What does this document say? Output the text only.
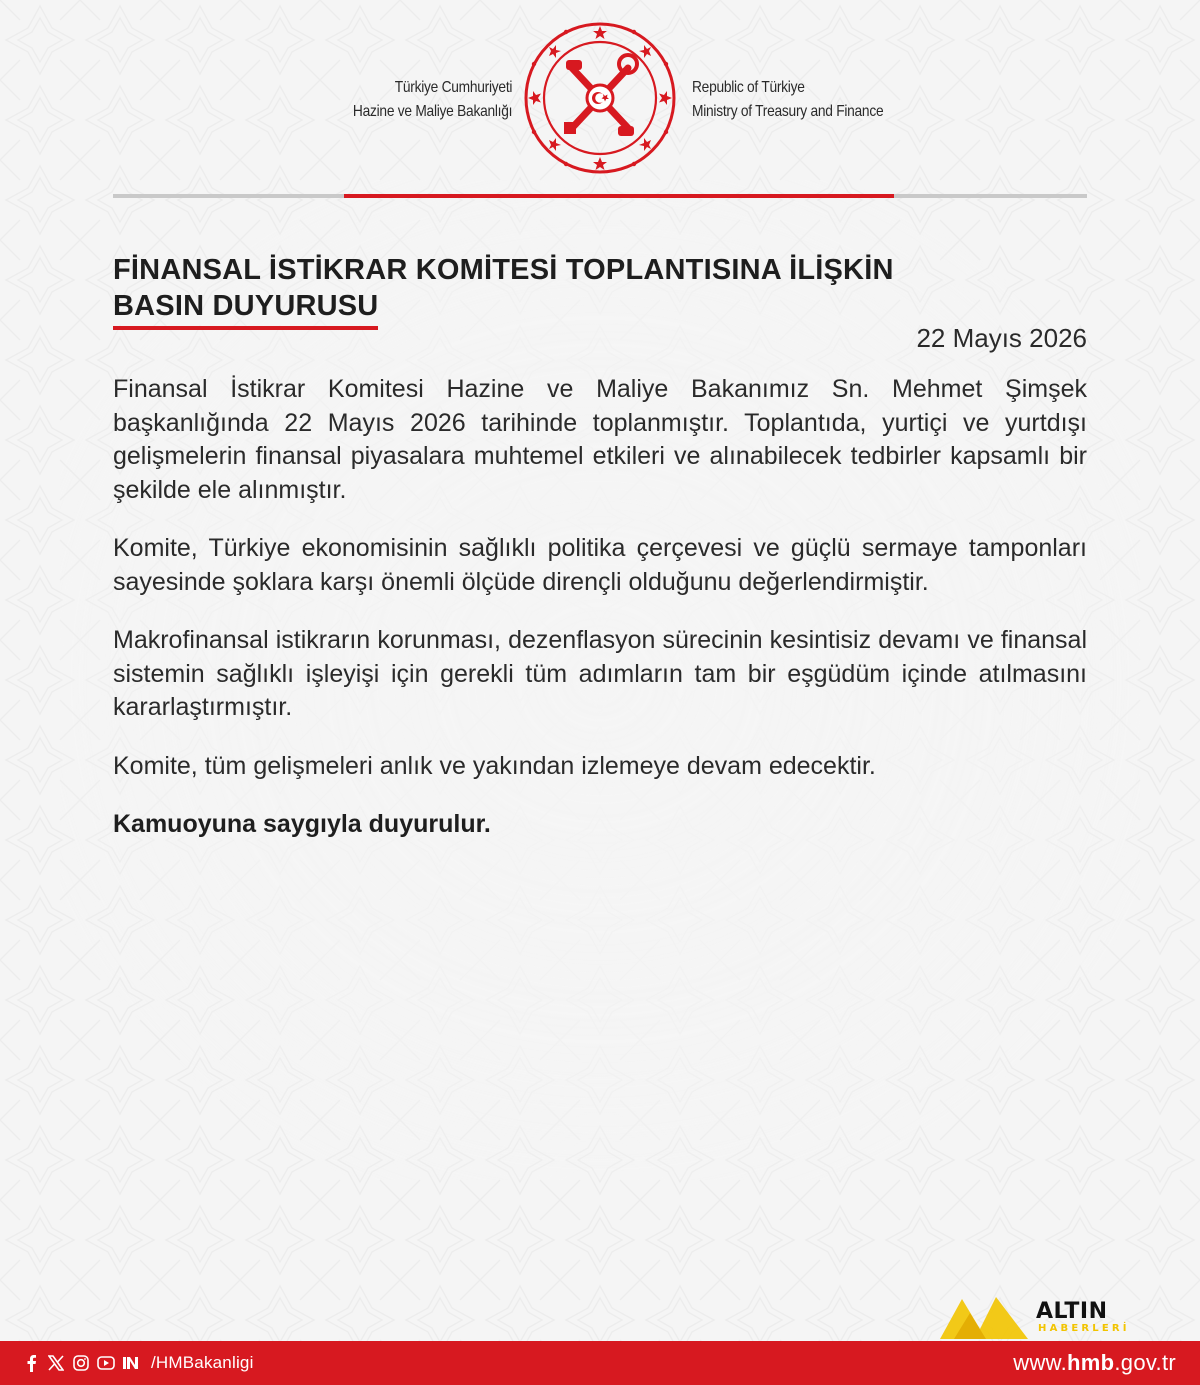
Türkiye Cumhuriyeti
Hazine ve Maliye Bakanlığı
Republic of Türkiye
Ministry of Treasury and Finance
FİNANSAL İSTİKRAR KOMİTESİ TOPLANTISINA İLİŞKİN
BASIN DUYURUSU
22 Mayıs 2026

Finansal İstikrar Komitesi Hazine ve Maliye Bakanımız Sn. Mehmet Şimşek başkanlığında 22 Mayıs 2026 tarihinde toplanmıştır. Toplantıda, yurtiçi ve yurtdışı gelişmelerin finansal piyasalara muhtemel etkileri ve alınabilecek tedbirler kapsamlı bir şekilde ele alınmıştır.

Komite, Türkiye ekonomisinin sağlıklı politika çerçevesi ve güçlü sermaye tamponları sayesinde şoklara karşı önemli ölçüde dirençli olduğunu değerlendirmiştir.

Makrofinansal istikrarın korunması, dezenflasyon sürecinin kesintisiz devamı ve finansal sistemin sağlıklı işleyişi için gerekli tüm adımların tam bir eşgüdüm içinde atılmasını kararlaştırmıştır.

Komite, tüm gelişmeleri anlık ve yakından izlemeye devam edecektir.

Kamuoyuna saygıyla duyurulur.

ALTIN
HABERLERİ
/HMBakanligi	www.hmb.gov.tr
